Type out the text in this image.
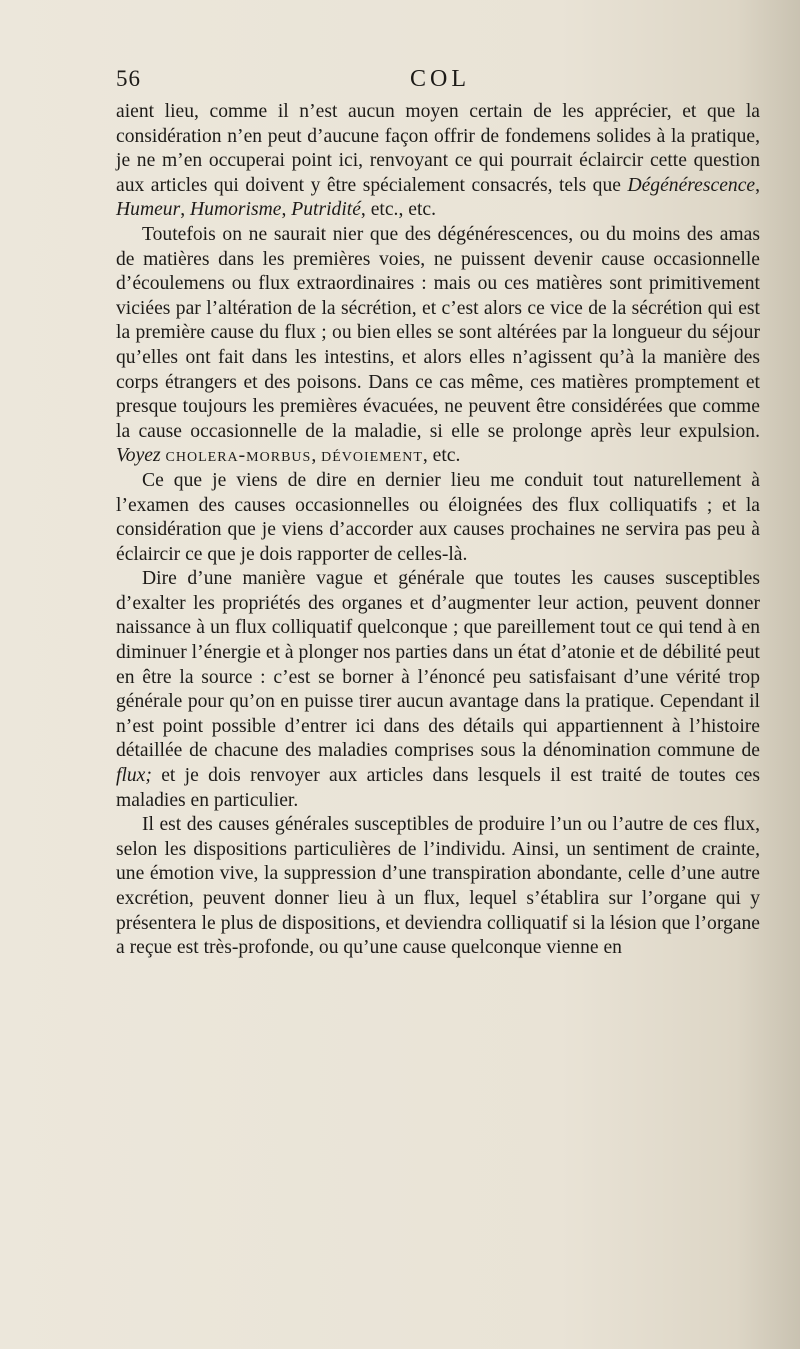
56	COL

aient lieu, comme il n’est aucun moyen certain de les apprécier, et que la considération n’en peut d’aucune façon offrir de fondemens solides à la pratique, je ne m’en occuperai point ici, renvoyant ce qui pourrait éclaircir cette question aux articles qui doivent y être spécialement consacrés, tels que Dégénérescence, Humeur, Humorisme, Putridité, etc., etc.

Toutefois on ne saurait nier que des dégénérescences, ou du moins des amas de matières dans les premières voies, ne puissent devenir cause occasionnelle d’écoulemens ou flux extraordinaires : mais ou ces matières sont primitivement viciées par l’altération de la sécrétion, et c’est alors ce vice de la sécrétion qui est la première cause du flux ; ou bien elles se sont altérées par la longueur du séjour qu’elles ont fait dans les intestins, et alors elles n’agissent qu’à la manière des corps étrangers et des poisons. Dans ce cas même, ces matières promptement et presque toujours les premières évacuées, ne peuvent être considérées que comme la cause occasionnelle de la maladie, si elle se prolonge après leur expulsion. Voyez cholera-morbus, dévoiement, etc.

Ce que je viens de dire en dernier lieu me conduit tout naturellement à l’examen des causes occasionnelles ou éloignées des flux colliquatifs ; et la considération que je viens d’accorder aux causes prochaines ne servira pas peu à éclaircir ce que je dois rapporter de celles-là.

Dire d’une manière vague et générale que toutes les causes susceptibles d’exalter les propriétés des organes et d’augmenter leur action, peuvent donner naissance à un flux colliquatif quelconque ; que pareillement tout ce qui tend à en diminuer l’énergie et à plonger nos parties dans un état d’atonie et de débilité peut en être la source : c’est se borner à l’énoncé peu satisfaisant d’une vérité trop générale pour qu’on en puisse tirer aucun avantage dans la pratique. Cependant il n’est point possible d’entrer ici dans des détails qui appartiennent à l’histoire détaillée de chacune des maladies comprises sous la dénomination commune de flux; et je dois renvoyer aux articles dans lesquels il est traité de toutes ces maladies en particulier.

Il est des causes générales susceptibles de produire l’un ou l’autre de ces flux, selon les dispositions particulières de l’individu. Ainsi, un sentiment de crainte, une émotion vive, la suppression d’une transpiration abondante, celle d’une autre excrétion, peuvent donner lieu à un flux, lequel s’établira sur l’organe qui y présentera le plus de dispositions, et deviendra colliquatif si la lésion que l’organe a reçue est très-profonde, ou qu’une cause quelconque vienne en
